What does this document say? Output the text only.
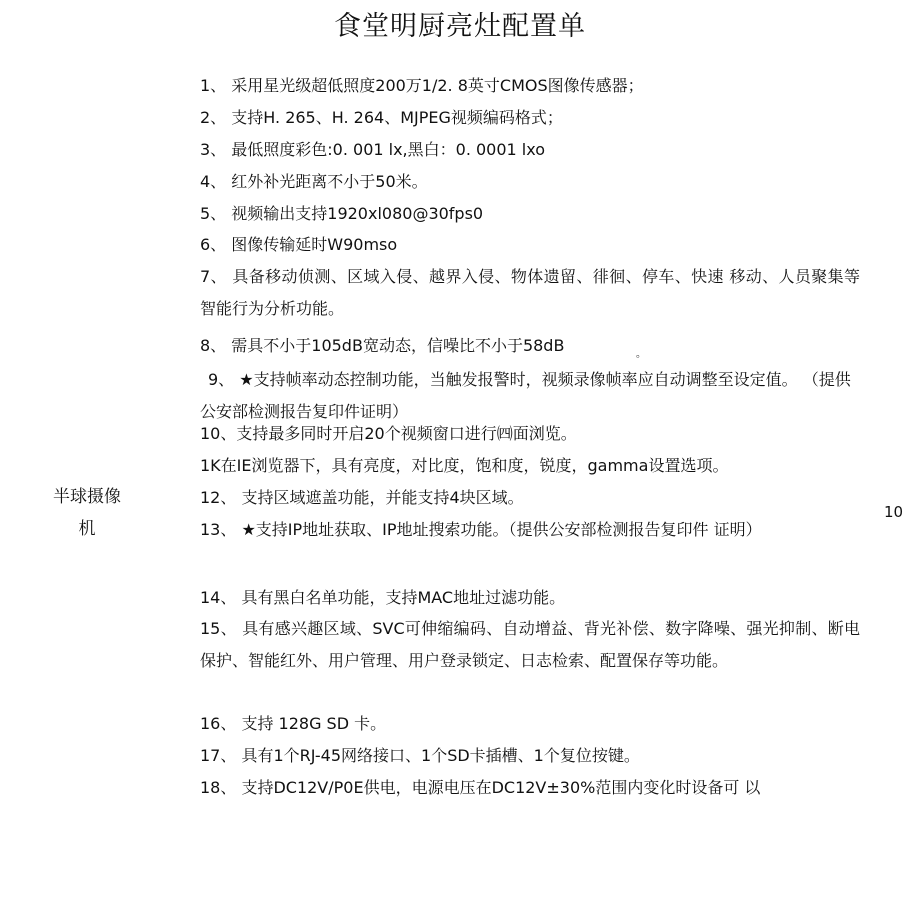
食堂明厨亮灶配置单
半球摄像机
10
1、 采用星光级超低照度200万1/2. 8英寸CMOS图像传感器；
2、 支持H. 265、H. 264、MJPEG视频编码格式；
3、 最低照度彩色:0. 001 lx,黑白：0. 0001 lxo
4、 红外补光距离不小于50米。
5、 视频输出支持1920xl080@30fps0
6、 图像传输延时W90mso
7、 具备移动侦测、区域入侵、越界入侵、物体遗留、徘徊、停车、快速 移动、人员聚集等智能行为分析功能。
8、 需具不小于105dB宽动态，信噪比不小于58dB	。
9、 ★支持帧率动态控制功能，当触发报警时，视频录像帧率应自动调整至设定值。 （提供公安部检测报告复印件证明）
10、支持最多同时开启20个视频窗口进行㈣面浏览。
1K在IE浏览器下，具有亮度，对比度，饱和度，锐度，gamma设置选项。
12、 支持区域遮盖功能，并能支持4块区域。
13、 ★支持IP地址获取、IP地址搜索功能。（提供公安部检测报告复印件 证明）
14、 具有黑白名单功能，支持MAC地址过滤功能。
15、 具有感兴趣区域、SVC可伸缩编码、自动增益、背光补偿、数字降噪、强光抑制、断电保护、智能红外、用户管理、用户登录锁定、日志检索、配置保存等功能。
16、 支持 128G SD 卡。
17、 具有1个RJ-45网络接口、1个SD卡插槽、1个复位按键。
18、 支持DC12V/P0E供电，电源电压在DC12V±30%范围内变化时设备可 以
